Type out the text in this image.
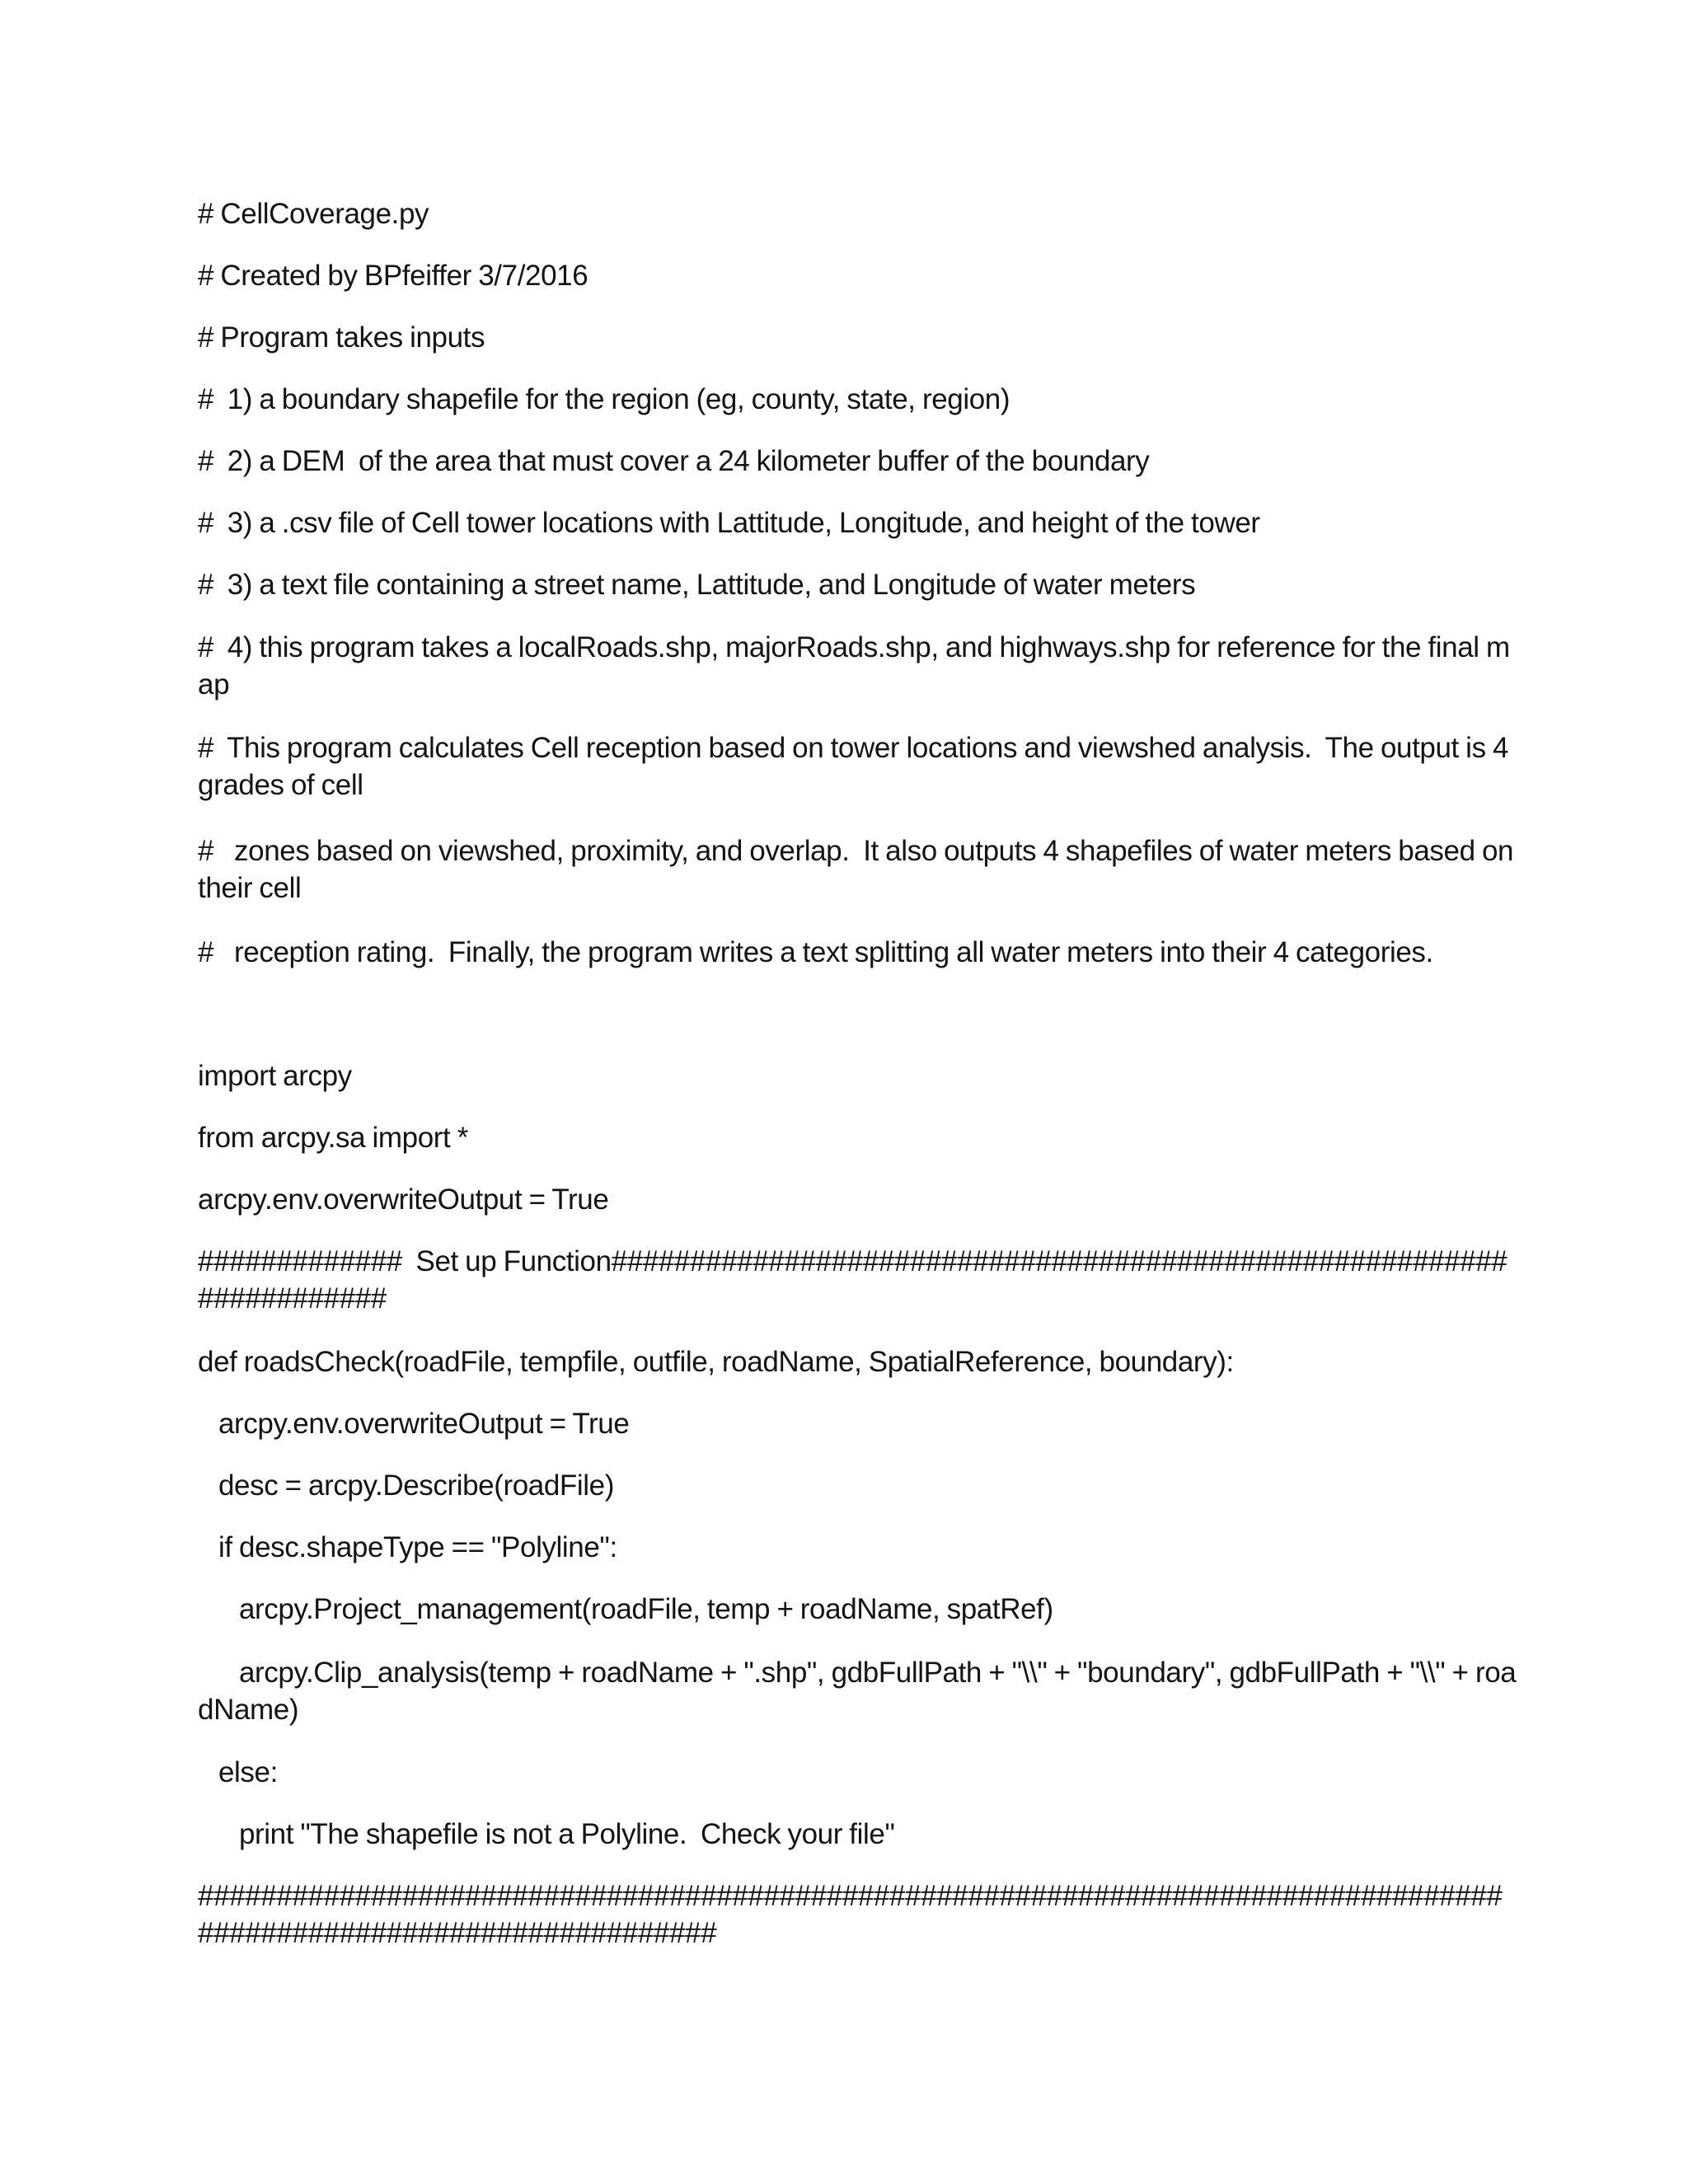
# CellCoverage.py

# Created by BPfeiffer 3/7/2016

# Program takes inputs

#  1) a boundary shapefile for the region (eg, county, state, region)

#  2) a DEM  of the area that must cover a 24 kilometer buffer of the boundary

#  3) a .csv file of Cell tower locations with Lattitude, Longitude, and height of the tower

#  3) a text file containing a street name, Lattitude, and Longitude of water meters

#  4) this program takes a localRoads.shp, majorRoads.shp, and highways.shp for reference for the final map

#  This program calculates Cell reception based on tower locations and viewshed analysis.  The output is 4 grades of cell

#   zones based on viewshed, proximity, and overlap.  It also outputs 4 shapefiles of water meters based on their cell

#   reception rating.  Finally, the program writes a text splitting all water meters into their 4 categories.

import arcpy

from arcpy.sa import *

arcpy.env.overwriteOutput = True

#############  Set up Function#####################################################################

def roadsCheck(roadFile, tempfile, outfile, roadName, SpatialReference, boundary):

arcpy.env.overwriteOutput = True

desc = arcpy.Describe(roadFile)

if desc.shapeType == "Polyline":

arcpy.Project_management(roadFile, temp + roadName, spatRef)

arcpy.Clip_analysis(temp + roadName + ".shp", gdbFullPath + "\\" + "boundary", gdbFullPath + "\\" + roadName)

else:

print "The shapefile is not a Polyline.  Check your file"

####################################################################################################################
